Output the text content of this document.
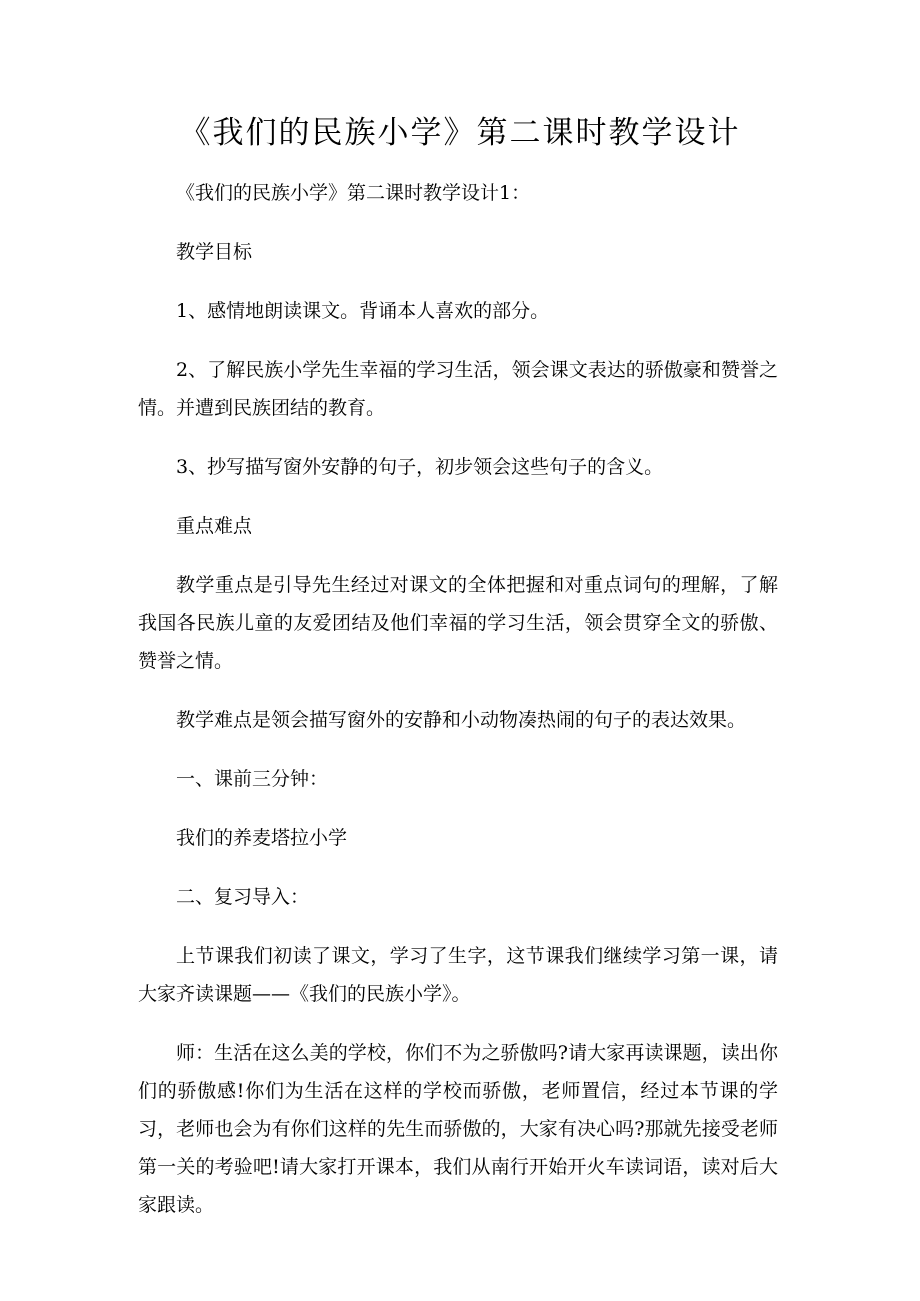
《我们的民族小学》第二课时教学设计

《我们的民族小学》第二课时教学设计1：

教学目标

1、感情地朗读课文。背诵本人喜欢的部分。

2、了解民族小学先生幸福的学习生活，领会课文表达的骄傲豪和赞誉之情。并遭到民族团结的教育。

3、抄写描写窗外安静的句子，初步领会这些句子的含义。

重点难点

教学重点是引导先生经过对课文的全体把握和对重点词句的理解，了解我国各民族儿童的友爱团结及他们幸福的学习生活，领会贯穿全文的骄傲、赞誉之情。

教学难点是领会描写窗外的安静和小动物凑热闹的句子的表达效果。

一、课前三分钟：

我们的养麦塔拉小学

二、复习导入：

上节课我们初读了课文，学习了生字，这节课我们继续学习第一课，请大家齐读课题——《我们的民族小学》。

师：生活在这么美的学校，你们不为之骄傲吗?请大家再读课题，读出你们的骄傲感!你们为生活在这样的学校而骄傲，老师置信，经过本节课的学习，老师也会为有你们这样的先生而骄傲的，大家有决心吗?那就先接受老师第一关的考验吧!请大家打开课本，我们从南行开始开火车读词语，读对后大家跟读。
